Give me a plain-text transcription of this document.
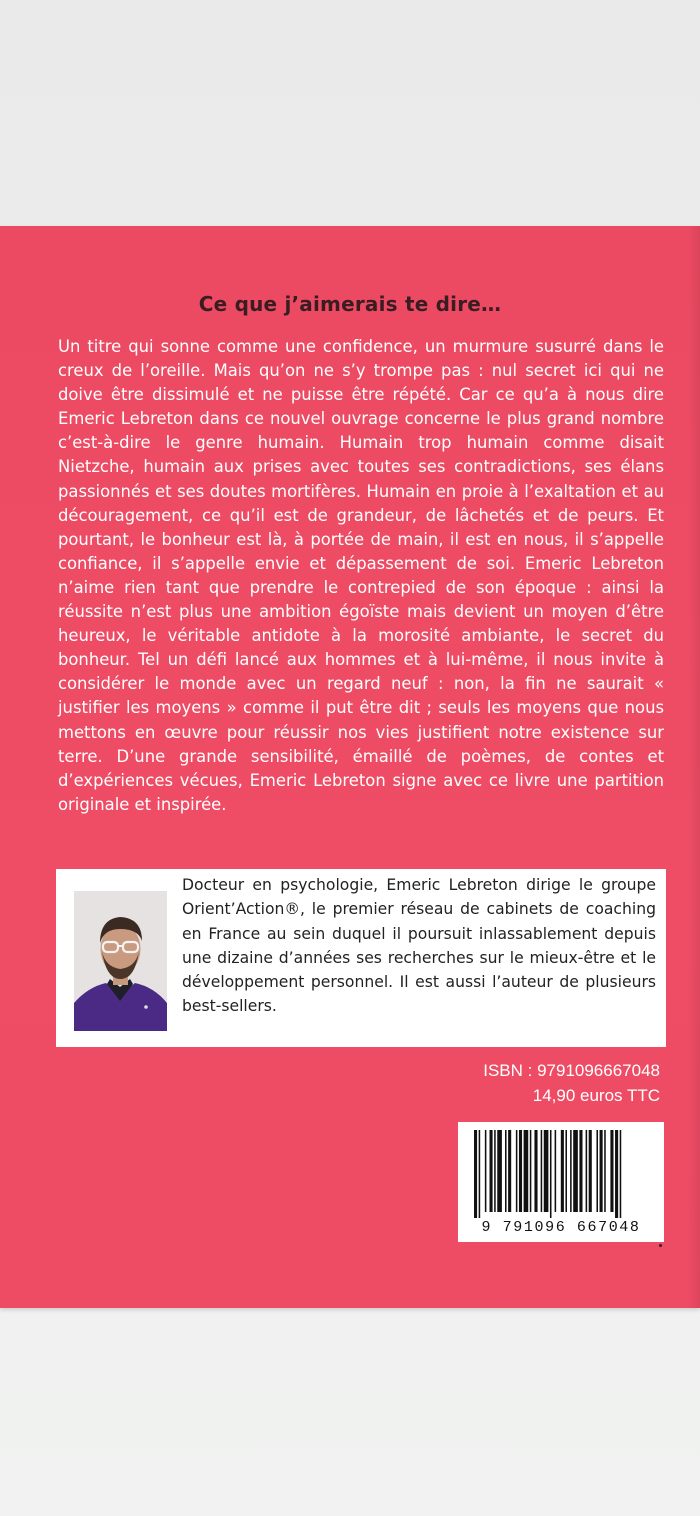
Ce que j’aimerais te dire…

Un titre qui sonne comme une confidence, un murmure susurré dans le creux de l’oreille. Mais qu’on ne s’y trompe pas : nul secret ici qui ne doive être dissimulé et ne puisse être répété. Car ce qu’a à nous dire Emeric Lebreton dans ce nouvel ouvrage concerne le plus grand nombre c’est-à-dire le genre humain. Humain trop humain comme disait Nietzche, humain aux prises avec toutes ses contradictions, ses élans passionnés et ses doutes mortifères. Humain en proie à l’exaltation et au découragement, ce qu’il est de grandeur, de lâchetés et de peurs. Et pourtant, le bonheur est là, à portée de main, il est en nous, il s’appelle confiance, il s’appelle envie et dépassement de soi. Emeric Lebreton n’aime rien tant que prendre le contrepied de son époque : ainsi la réussite n’est plus une ambition égoïste mais devient un moyen d’être heureux, le véritable antidote à la morosité ambiante, le secret du bonheur. Tel un défi lancé aux hommes et à lui-même, il nous invite à considérer le monde avec un regard neuf : non, la fin ne saurait « justifier les moyens » comme il put être dit ; seuls les moyens que nous mettons en œuvre pour réussir nos vies justifient notre existence sur terre. D’une grande sensibilité, émaillé de poèmes, de contes et d’expériences vécues, Emeric Lebreton signe avec ce livre une partition originale et inspirée.

Docteur en psychologie, Emeric Lebreton dirige le groupe Orient’Action®, le premier réseau de cabinets de coaching en France au sein duquel il poursuit inlassablement depuis une dizaine d’années ses recherches sur le mieux-être et le développement personnel. Il est aussi l’auteur de plusieurs best-sellers.

ISBN : 9791096667048
14,90 euros TTC
9 791096 667048
